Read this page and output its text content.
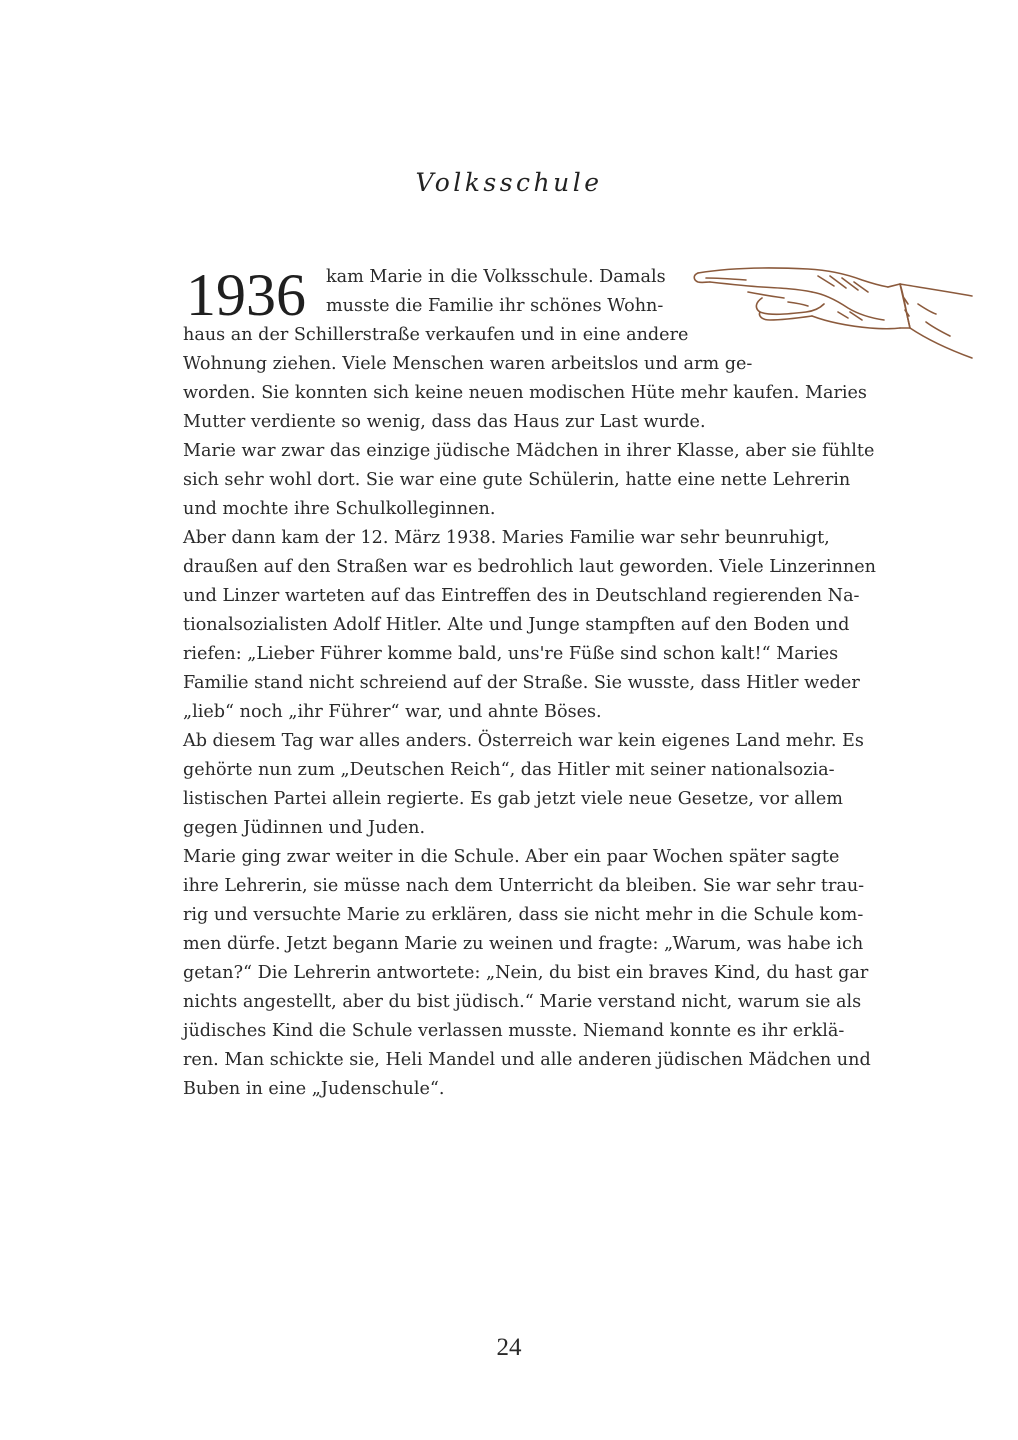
Volksschule
1936 kam Marie in die Volksschule. Damals
musste die Familie ihr schönes Wohn-
haus an der Schillerstraße verkaufen und in eine andere
Wohnung ziehen. Viele Menschen waren arbeitslos und arm ge-
worden. Sie konnten sich keine neuen modischen Hüte mehr kaufen. Maries
Mutter verdiente so wenig, dass das Haus zur Last wurde.
Marie war zwar das einzige jüdische Mädchen in ihrer Klasse, aber sie fühlte
sich sehr wohl dort. Sie war eine gute Schülerin, hatte eine nette Lehrerin
und mochte ihre Schulkolleginnen.
Aber dann kam der 12. März 1938. Maries Familie war sehr beunruhigt,
draußen auf den Straßen war es bedrohlich laut geworden. Viele Linzerinnen
und Linzer warteten auf das Eintreffen des in Deutschland regierenden Na-
tionalsozialisten Adolf Hitler. Alte und Junge stampften auf den Boden und
riefen: „Lieber Führer komme bald, uns're Füße sind schon kalt!“ Maries
Familie stand nicht schreiend auf der Straße. Sie wusste, dass Hitler weder
„lieb“ noch „ihr Führer“ war, und ahnte Böses.
Ab diesem Tag war alles anders. Österreich war kein eigenes Land mehr. Es
gehörte nun zum „Deutschen Reich“, das Hitler mit seiner nationalsozia-
listischen Partei allein regierte. Es gab jetzt viele neue Gesetze, vor allem
gegen Jüdinnen und Juden.
Marie ging zwar weiter in die Schule. Aber ein paar Wochen später sagte
ihre Lehrerin, sie müsse nach dem Unterricht da bleiben. Sie war sehr trau-
rig und versuchte Marie zu erklären, dass sie nicht mehr in die Schule kom-
men dürfe. Jetzt begann Marie zu weinen und fragte: „Warum, was habe ich
getan?“ Die Lehrerin antwortete: „Nein, du bist ein braves Kind, du hast gar
nichts angestellt, aber du bist jüdisch.“ Marie verstand nicht, warum sie als
jüdisches Kind die Schule verlassen musste. Niemand konnte es ihr erklä-
ren. Man schickte sie, Heli Mandel und alle anderen jüdischen Mädchen und
Buben in eine „Judenschule“.
24
